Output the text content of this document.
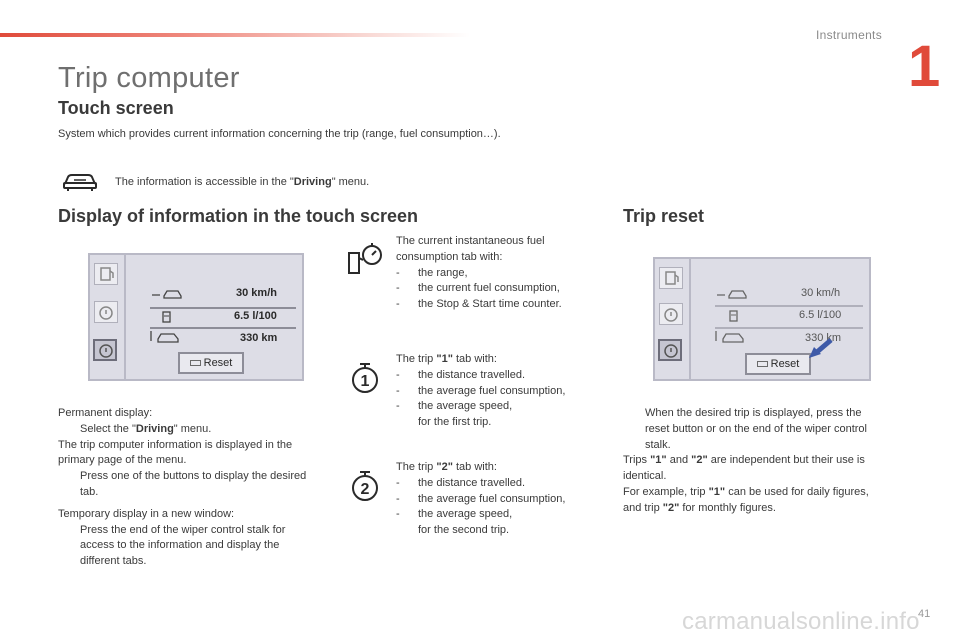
Instruments 1
Trip computer
Touch screen
System which provides current information concerning the trip (range, fuel consumption…).
The information is accessible in the "Driving" menu.
Display of information in the touch screen
30 km/h
6.5 l/100
330 km
Reset
Permanent display:
Select the "Driving" menu.
The trip computer information is displayed in the primary page of the menu.
Press one of the buttons to display the desired tab.
Temporary display in a new window:
Press the end of the wiper control stalk for access to the information and display the different tabs.
1
2
The current instantaneous fuel consumption tab with:
- the range,
- the current fuel consumption,
- the Stop & Start time counter.
The trip "1" tab with:
- the distance travelled.
- the average fuel consumption,
- the average speed,
for the first trip.
The trip "2" tab with:
- the distance travelled.
- the average fuel consumption,
- the average speed,
for the second trip.
Trip reset
30 km/h
6.5 l/100
330 km
Reset
When the desired trip is displayed, press the reset button or on the end of the wiper control stalk.
Trips "1" and "2" are independent but their use is identical.
For example, trip "1" can be used for daily figures, and trip "2" for monthly figures.
carmanualsonline.info
41
